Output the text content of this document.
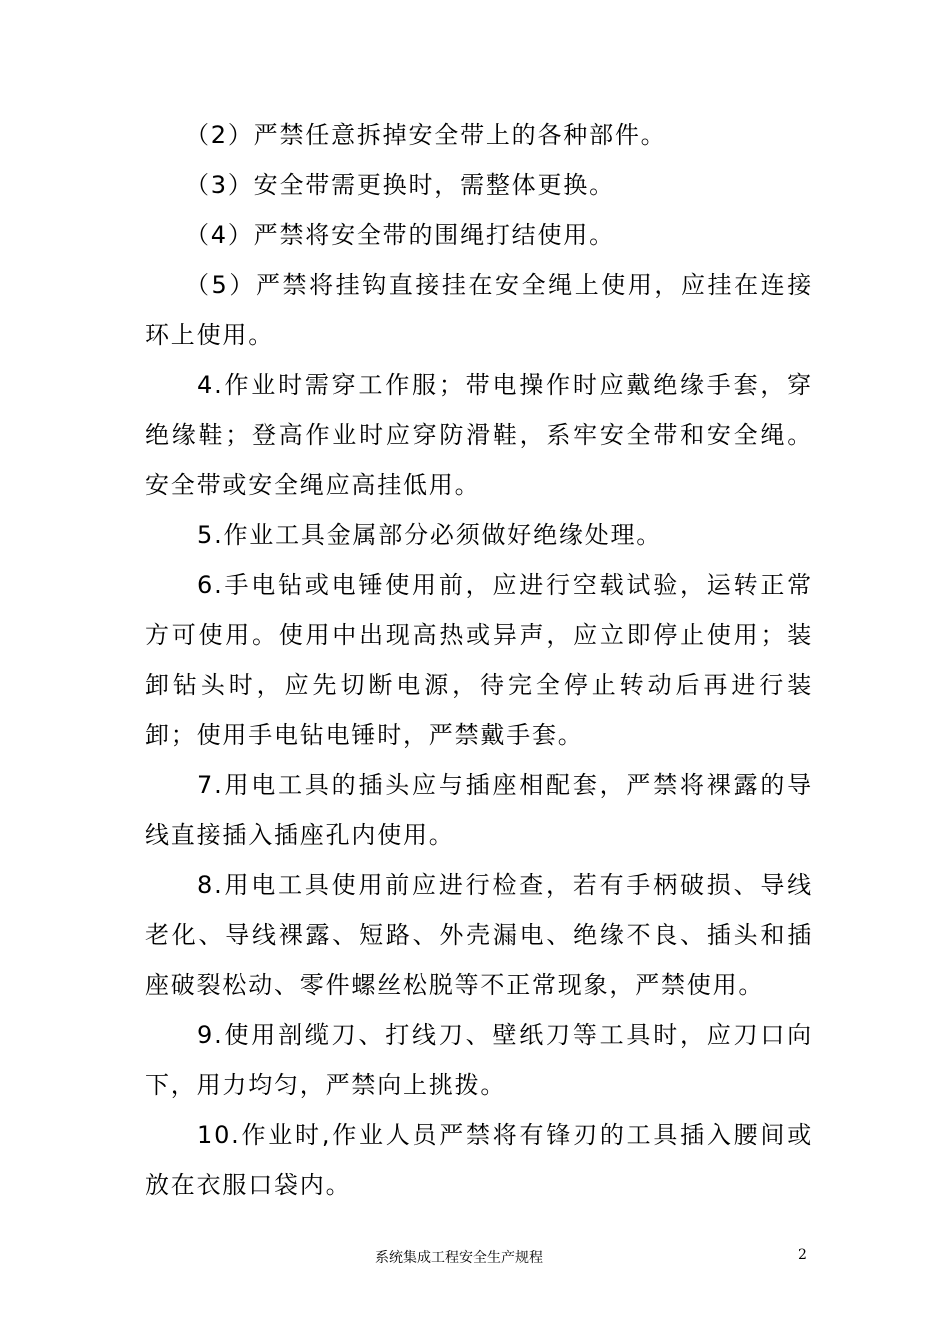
（2）严禁任意拆掉安全带上的各种部件。

（3）安全带需更换时，需整体更换。

（4）严禁将安全带的围绳打结使用。

（5）严禁将挂钩直接挂在安全绳上使用，应挂在连接环上使用。

4.作业时需穿工作服；带电操作时应戴绝缘手套，穿绝缘鞋；登高作业时应穿防滑鞋，系牢安全带和安全绳。安全带或安全绳应高挂低用。

5.作业工具金属部分必须做好绝缘处理。

6.手电钻或电锤使用前，应进行空载试验，运转正常方可使用。使用中出现高热或异声，应立即停止使用；装卸钻头时，应先切断电源，待完全停止转动后再进行装卸；使用手电钻电锤时，严禁戴手套。

7.用电工具的插头应与插座相配套，严禁将裸露的导线直接插入插座孔内使用。

8.用电工具使用前应进行检查，若有手柄破损、导线老化、导线裸露、短路、外壳漏电、绝缘不良、插头和插座破裂松动、零件螺丝松脱等不正常现象，严禁使用。

9.使用剖缆刀、打线刀、壁纸刀等工具时，应刀口向下，用力均匀，严禁向上挑拨。

10.作业时,作业人员严禁将有锋刃的工具插入腰间或放在衣服口袋内。

系统集成工程安全生产规程	2
